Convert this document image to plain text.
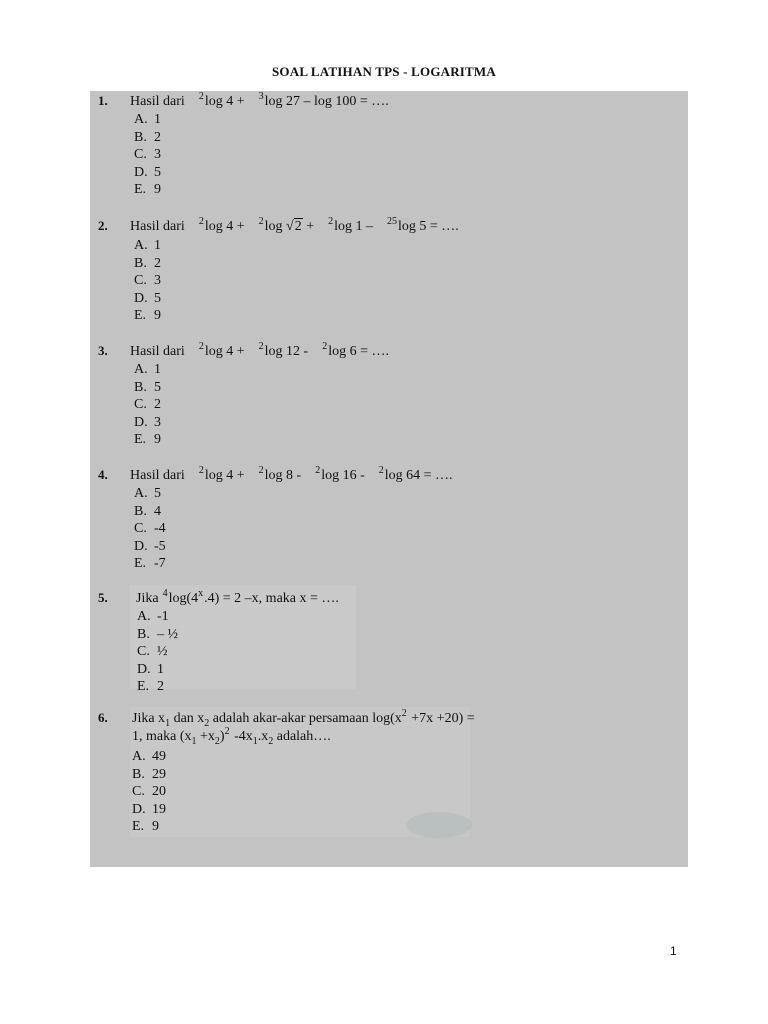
SOAL LATIHAN TPS - LOGARITMA
1. Hasil dari $^2$log 4 + $^3$log 27 – log 100 = ….
A. 1
B. 2
C. 3
D. 5
E. 9
2. Hasil dari $^2$log 4 + $^2$log √2 + $^2$log 1 – $^{25}$log 5 = ….
A. 1
B. 2
C. 3
D. 5
E. 9
3. Hasil dari $^2$log 4 + $^2$log 12 - $^2$log 6 = ….
A. 1
B. 5
C. 2
D. 3
E. 9
4. Hasil dari $^2$log 4 + $^2$log 8 - $^2$log 16 - $^2$log 64 = ….
A. 5
B. 4
C. -4
D. -5
E. -7
5. Jika $^4\log(4^x.4) = 2$ –x, maka x = ….
A. -1
B. – ½
C. ½
D. 1
E. 2
6. Jika $x_1$ dan $x_2$ adalah akar-akar persamaan $\log(x^2 +7x +20) = 1$, maka $(x_1 +x_2)^2$ $-4x_1.x_2$ adalah….
A. 49
B. 29
C. 20
D. 19
E. 9
1
